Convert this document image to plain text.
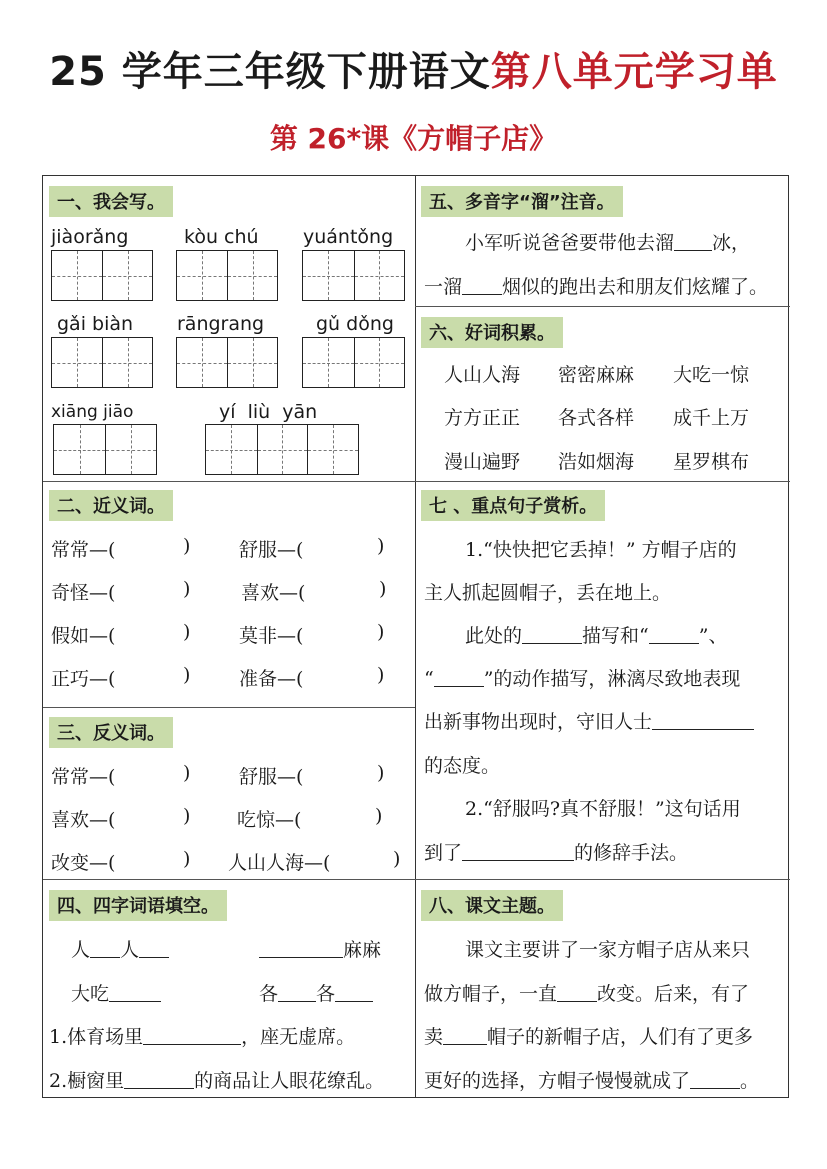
25 学年三年级下册语文第八单元学习单
第 26*课《方帽子店》
一、我会写。
jiàorǎng	kòu chú yuántǒng
gǎi biàn rāngrang	gǔ dǒng
xiāng jiāo	yí  liù  yān
二、近义词。
常常—(	)	舒服—(	)
奇怪—(	)	喜欢—(	)
假如—(	)	莫非—(	)
正巧—(	)	准备—(	)
三、反义词。
常常—(	)	舒服—(	)
喜欢—(	) 吃惊—(	)
改变—(	) 人山人海—(	)
四、四字词语填空。
人 人	麻麻
大吃	各 各
1.体育场里	，座无虚席。
2.橱窗里	的商品让人眼花缭乱。
五、多音字“溜”注音。
小军听说爸爸要带他去溜 冰，
一溜 烟似的跑出去和朋友们炫耀了。
六、好词积累。
人山人海 密密麻麻 大吃一惊
方方正正 各式各样 成千上万
漫山遍野 浩如烟海 星罗棋布
七 、重点句子赏析。
1.“快快把它丢掉！” 方帽子店的
主人抓起圆帽子，丢在地上。
此处的	描写和“	”、
“	”的动作描写，淋漓尽致地表现
出新事物出现时，守旧人士
的态度。
2.“舒服吗?真不舒服！”这句话用
到了	的修辞手法。
八、课文主题。
课文主要讲了一家方帽子店从来只
做方帽子，一直 改变。后来，有了
卖 帽子的新帽子店，人们有了更多
更好的选择，方帽子慢慢就成了	。
